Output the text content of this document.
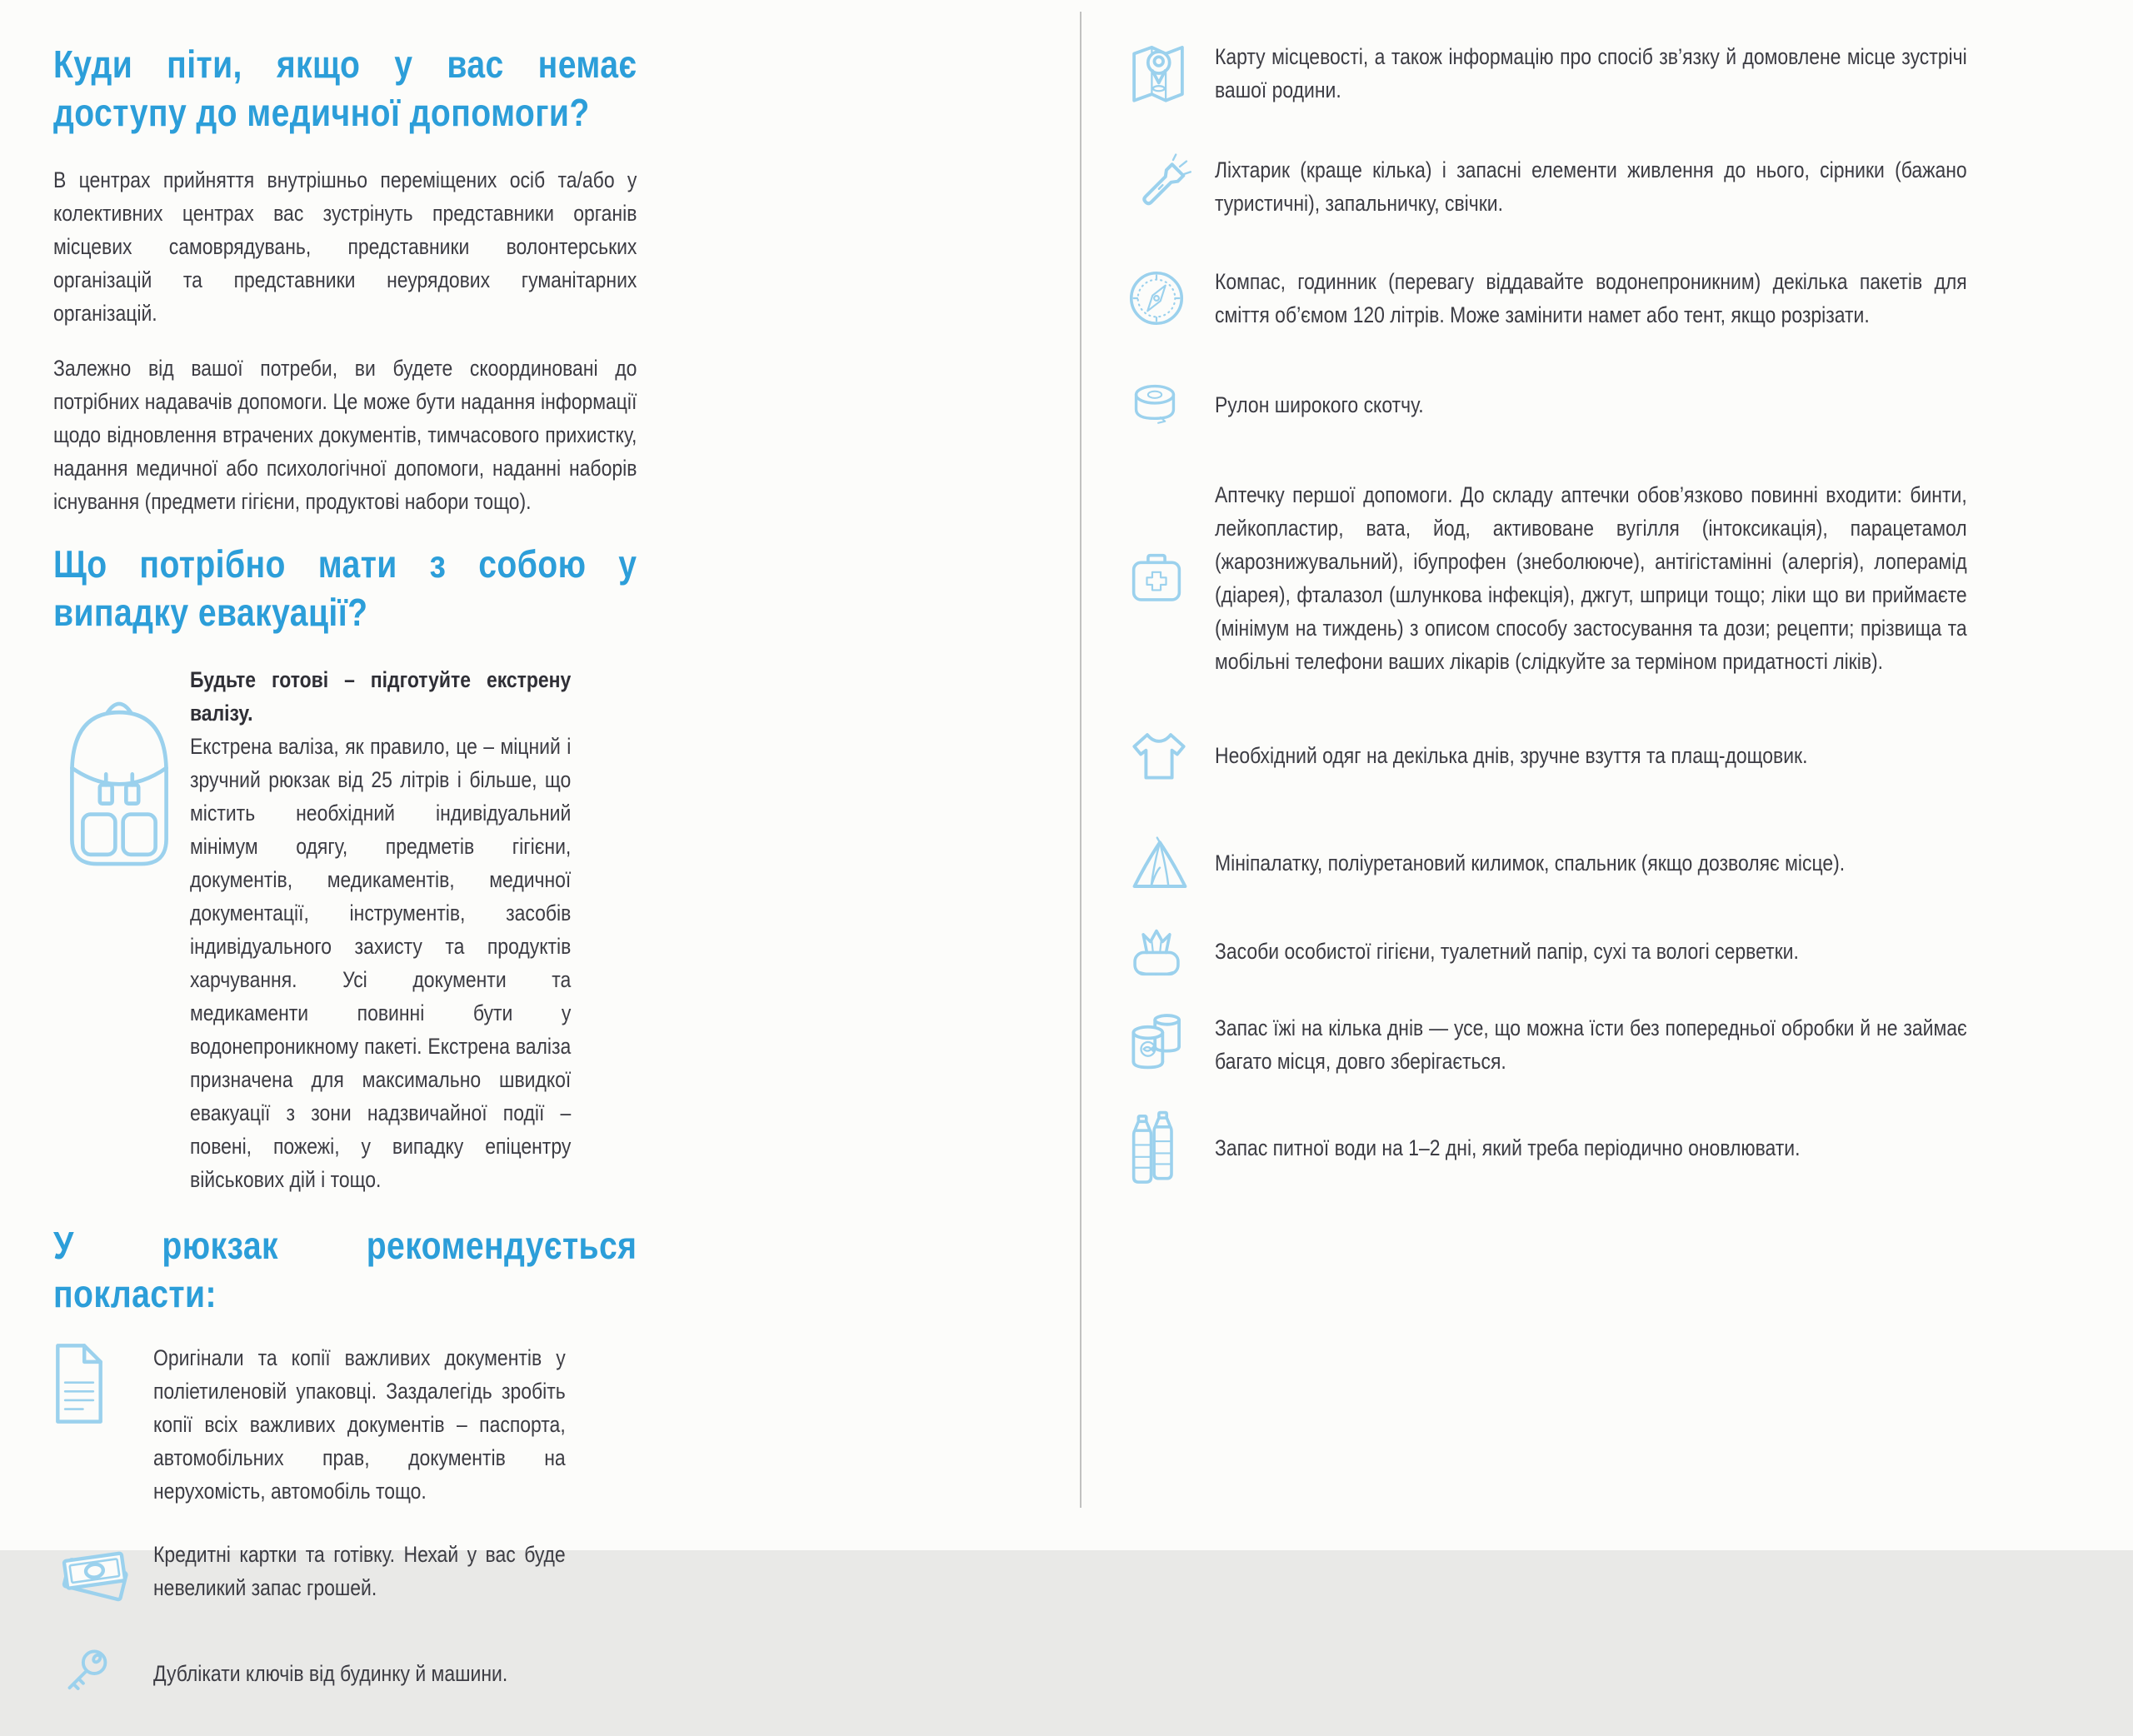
Куди піти, якщо у вас немає доступу до медичної допомоги?

В центрах прийняття внутрішньо переміщених осіб та/або у колективних центрах вас зустрінуть представники органів місцевих самоврядувань, представники волонтерських організацій та представники неурядових гуманітарних організацій.

Залежно від вашої потреби, ви будете скоординовані до потрібних надавачів допомоги. Це може бути надання інформації щодо відновлення втрачених документів, тимчасового прихистку, надання медичної або психологічної допомоги, наданні наборів існування (предмети гігієни, продуктові набори тощо).

Що потрібно мати з собою у випадку евакуації?
Будьте готові – підготуйте екстрену валізу.
Екстрена валіза, як правило, це – міцний і зручний рюкзак від 25 літрів і більше, що містить необхідний індивідуальний мінімум одягу, предметів гігієни, документів, медикаментів, медичної документації, інструментів, засобів індивідуального захисту та продуктів харчування. Усі документи та медикаменти повинні бути у водонепроникному пакеті. Екстрена валіза призначена для максимально швидкої евакуації з зони надзвичайної події – повені, пожежі, у випадку епіцентру військових дій і тощо.
У рюкзак рекомендується покласти:

Оригінали та копії важливих документів у поліетиленовій упаковці. Заздалегідь зробіть копії всіх важливих документів – паспорта, автомобільних прав, документів на нерухомість, автомобіль тощо.

Кредитні картки та готівку. Нехай у вас буде невеликий запас грошей.

Дублікати ключів від будинку й машини.

Карту місцевості, а також інформацію про спосіб зв’язку й домовлене місце зустрічі вашої родини.

Ліхтарик (краще кілька) і запасні елементи живлення до нього, сірники (бажано туристичні), запальничку, свічки.

Компас, годинник (перевагу віддавайте водонепроникним) декілька пакетів для сміття об’ємом 120 літрів. Може замінити намет або тент, якщо розрізати.

Рулон широкого скотчу.

Аптечку першої допомоги. До складу аптечки обов’язково повинні входити: бинти, лейкопластир, вата, йод, активоване вугілля (інтоксикація), парацетамол (жарознижувальний), ібупрофен (знеболююче), антігістамінні (алергія), лоперамід (діарея), фталазол (шлункова інфекція), джгут, шприци тощо; ліки що ви приймаєте (мінімум на тиждень) з описом способу застосування та дози; рецепти; прізвища та мобільні телефони ваших лікарів (слідкуйте за терміном придатності ліків).

Необхідний одяг на декілька днів, зручне взуття та плащ-дощовик.

Мініпалатку, поліуретановий килимок, спальник (якщо дозволяє місце).

Засоби особистої гігієни, туалетний папір, сухі та вологі серветки.

Запас їжі на кілька днів — усе, що можна їсти без попередньої обробки й не займає багато місця, довго зберігається.

Запас питної води на 1–2 дні, який треба періодично оновлювати.
